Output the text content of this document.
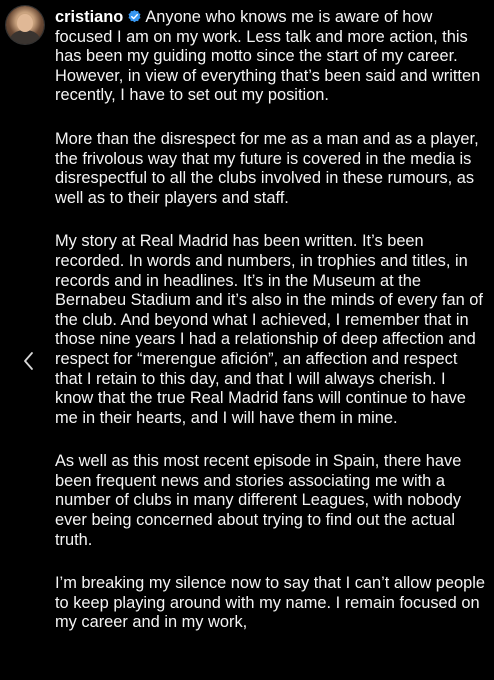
cristiano Anyone who knows me is aware of how focused I am on my work. Less talk and more action, this has been my guiding motto since the start of my career. However, in view of everything that’s been said and written recently, I have to set out my position.

More than the disrespect for me as a man and as a player, the frivolous way that my future is covered in the media is disrespectful to all the clubs involved in these rumours, as well as to their players and staff.

My story at Real Madrid has been written. It’s been recorded. In words and numbers, in trophies and titles, in records and in headlines. It’s in the Museum at the Bernabeu Stadium and it’s also in the minds of every fan of the club. And beyond what I achieved, I remember that in those nine years I had a relationship of deep affection and respect for “merengue afición”, an affection and respect that I retain to this day, and that I will always cherish. I know that the true Real Madrid fans will continue to have me in their hearts, and I will have them in mine.

As well as this most recent episode in Spain, there have been frequent news and stories associating me with a number of clubs in many different Leagues, with nobody ever being concerned about trying to find out the actual truth.

I’m breaking my silence now to say that I can’t allow people to keep playing around with my name. I remain focused on my career and in my work,
